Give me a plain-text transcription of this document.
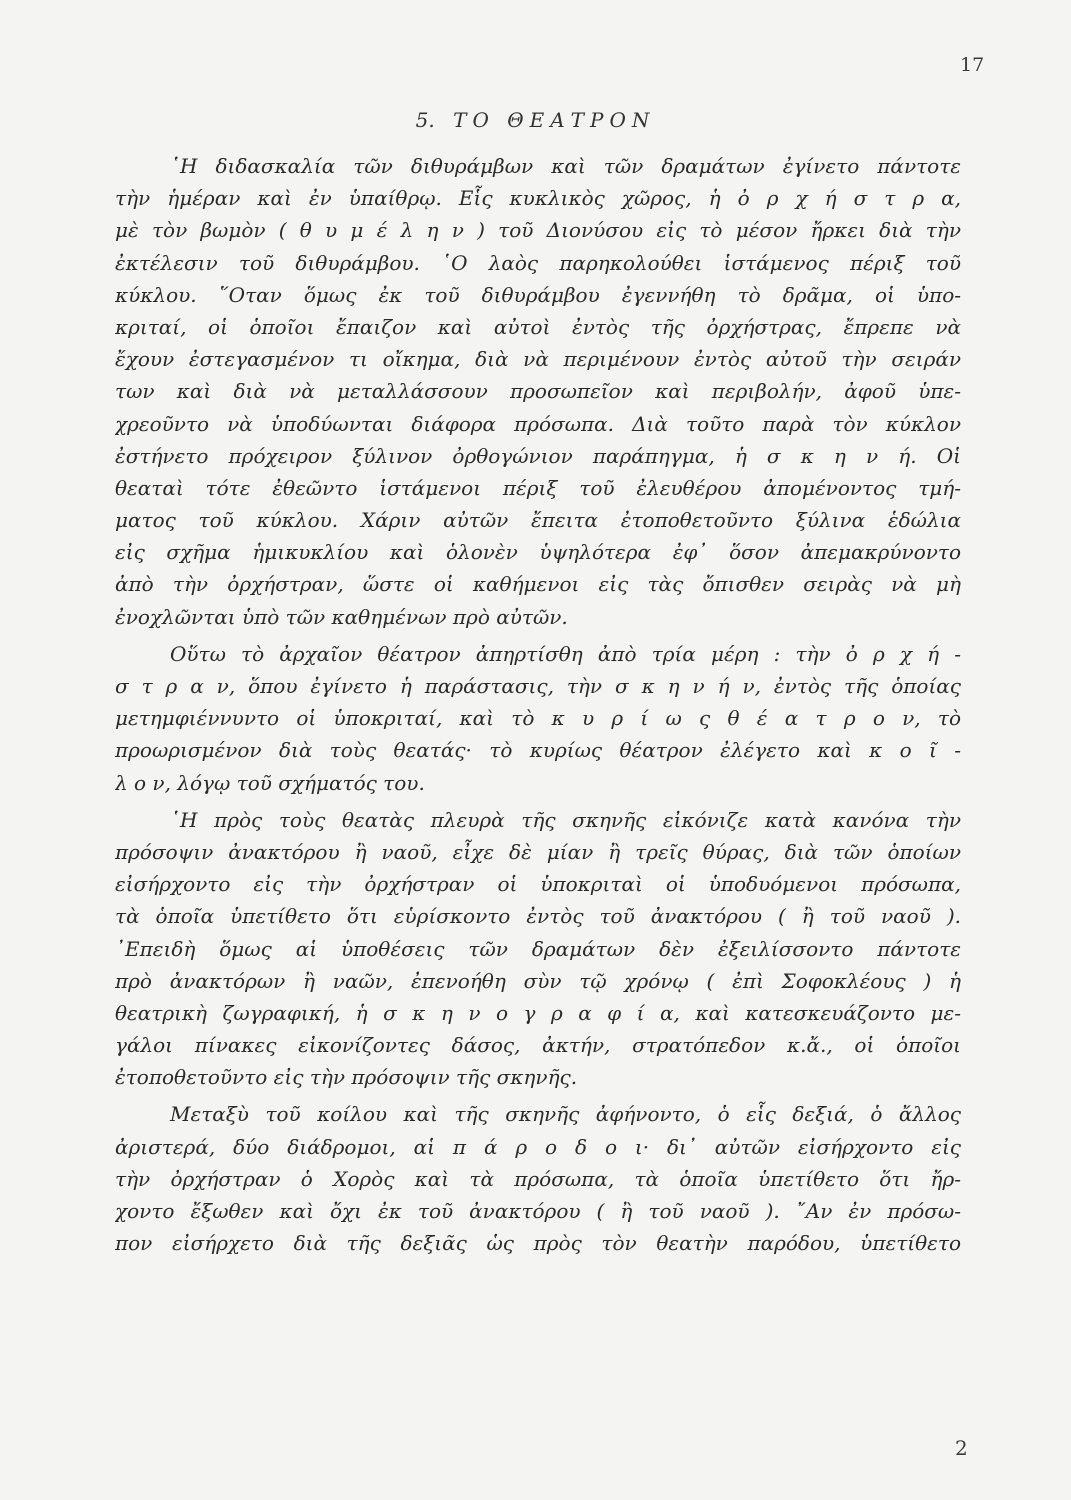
17
5. ΤΟ ΘΕΑΤΡΟΝ
῾Η διδασκαλία τῶν διθυράμβων καὶ τῶν δραμάτων ἐγίνετο πάντοτε
τὴν ἡμέραν καὶ ἐν ὑπαίθρῳ. Εἷς κυκλικὸς χῶρος, ἡ ὀ ρ χ ή σ τ ρ α,
μὲ τὸν βωμὸν ( θ υ μ έ λ η ν ) τοῦ Διονύσου εἰς τὸ μέσον ἤρκει διὰ τὴν
ἐκτέλεσιν τοῦ διθυράμβου. ῾Ο λαὸς παρηκολούθει ἱστάμενος πέριξ τοῦ
κύκλου. ῞Οταν ὅμως ἐκ τοῦ διθυράμβου ἐγεννήθη τὸ δρᾶμα, οἱ ὑπο-
κριταί, οἱ ὁποῖοι ἔπαιζον καὶ αὐτοὶ ἐντὸς τῆς ὀρχήστρας, ἔπρεπε νὰ
ἔχουν ἐστεγασμένον τι οἴκημα, διὰ νὰ περιμένουν ἐντὸς αὐτοῦ τὴν σειράν
των καὶ διὰ νὰ μεταλλάσσουν προσωπεῖον καὶ περιβολήν, ἀφοῦ ὑπε-
χρεοῦντο νὰ ὑποδύωνται διάφορα πρόσωπα. Διὰ τοῦτο παρὰ τὸν κύκλον
ἐστήνετο πρόχειρον ξύλινον ὀρθογώνιον παράπηγμα, ἡ σ κ η ν ή. Οἱ
θεαταὶ τότε ἐθεῶντο ἱστάμενοι πέριξ τοῦ ἐλευθέρου ἀπομένοντος τμή-
ματος τοῦ κύκλου. Χάριν αὐτῶν ἔπειτα ἐτοποθετοῦντο ξύλινα ἑδώλια
εἰς σχῆμα ἡμικυκλίου καὶ ὁλονὲν ὑψηλότερα ἐφ᾿ ὅσον ἀπεμακρύνοντο
ἀπὸ τὴν ὀρχήστραν, ὥστε οἱ καθήμενοι εἰς τὰς ὄπισθεν σειρὰς νὰ μὴ
ἐνοχλῶνται ὑπὸ τῶν καθημένων πρὸ αὐτῶν.
Οὕτω τὸ ἀρχαῖον θέατρον ἀπηρτίσθη ἀπὸ τρία μέρη : τὴν ὀ ρ χ ή -
σ τ ρ α ν, ὅπου ἐγίνετο ἡ παράστασις, τὴν σ κ η ν ή ν, ἐντὸς τῆς ὁποίας
μετημφιέννυντο οἱ ὑποκριταί, καὶ τὸ κ υ ρ ί ω ς θ έ α τ ρ ο ν, τὸ
προωρισμένον διὰ τοὺς θεατάς· τὸ κυρίως θέατρον ἐλέγετο καὶ κ ο ῖ -
λ ο ν, λόγῳ τοῦ σχήματός του.
῾Η πρὸς τοὺς θεατὰς πλευρὰ τῆς σκηνῆς εἰκόνιζε κατὰ κανόνα τὴν
πρόσοψιν ἀνακτόρου ἢ ναοῦ, εἶχε δὲ μίαν ἢ τρεῖς θύρας, διὰ τῶν ὁποίων
εἰσήρχοντο εἰς τὴν ὀρχήστραν οἱ ὑποκριταὶ οἱ ὑποδυόμενοι πρόσωπα,
τὰ ὁποῖα ὑπετίθετο ὅτι εὑρίσκοντο ἐντὸς τοῦ ἀνακτόρου ( ἢ τοῦ ναοῦ ).
᾿Επειδὴ ὅμως αἱ ὑποθέσεις τῶν δραμάτων δὲν ἐξειλίσσοντο πάντοτε
πρὸ ἀνακτόρων ἢ ναῶν, ἐπενοήθη σὺν τῷ χρόνῳ ( ἐπὶ Σοφοκλέους ) ἡ
θεατρικὴ ζωγραφική, ἡ σ κ η ν ο γ ρ α φ ί α, καὶ κατεσκευάζοντο με-
γάλοι πίνακες εἰκονίζοντες δάσος, ἀκτήν, στρατόπεδον κ.ἄ., οἱ ὁποῖοι
ἐτοποθετοῦντο εἰς τὴν πρόσοψιν τῆς σκηνῆς.
Μεταξὺ τοῦ κοίλου καὶ τῆς σκηνῆς ἀφήνοντο, ὁ εἷς δεξιά, ὁ ἄλλος
ἀριστερά, δύο διάδρομοι, αἱ π ά ρ ο δ ο ι· δι᾿ αὐτῶν εἰσήρχοντο εἰς
τὴν ὀρχήστραν ὁ Χορὸς καὶ τὰ πρόσωπα, τὰ ὁποῖα ὑπετίθετο ὅτι ἤρ-
χοντο ἔξωθεν καὶ ὄχι ἐκ τοῦ ἀνακτόρου ( ἢ τοῦ ναοῦ ). ῎Αν ἐν πρόσω-
πον εἰσήρχετο διὰ τῆς δεξιᾶς ὡς πρὸς τὸν θεατὴν παρόδου, ὑπετίθετο
2
